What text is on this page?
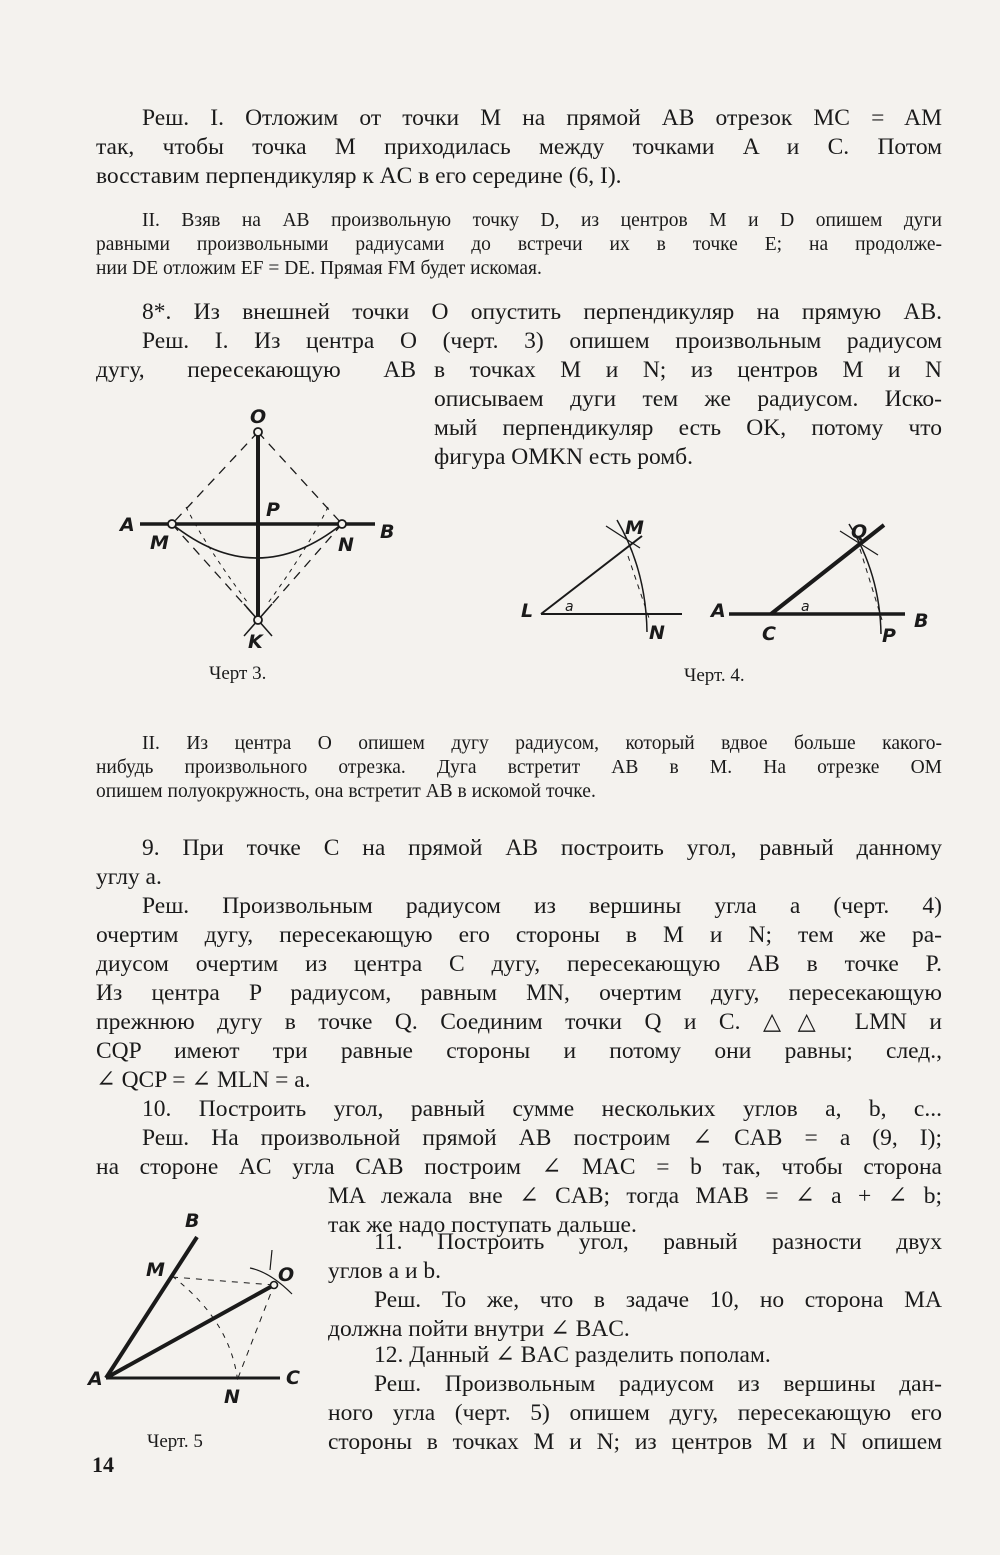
Реш. I. Отложим от точки M на прямой AB отрезок MC = AM
так, чтобы точка M приходилась между точками A и C. Потом
восставим перпендикуляр к AC в его середине (6, I).
II. Взяв на AB произвольную точку D, из центров M и D опишем дуги
равными произвольными радиусами до встречи их в точке E; на продолже-
нии DE отложим EF = DE. Прямая FM будет искомая.
8*. Из внешней точки O опустить перпендикуляр на прямую AB.
Реш. I. Из центра O (черт. 3) опишем произвольным радиусом
дугу, пересекающую AB в точках M и N; из центров M и N
описываем дуги тем же радиусом. Иско-
мый перпендикуляр есть OK, потому что
фигура OMKN есть ромб.
O
A	B
M	N
P
K
Черт 3.
L a
M
N
Q
A	B
C
a
P
Черт. 4.
II. Из центра O опишем дугу радиусом, который вдвое больше какого-
нибудь произвольного отрезка. Дуга встретит AB в M. На отрезке OM
опишем полуокружность, она встретит AB в искомой точке.
9. При точке C на прямой AB построить угол, равный данному
углу a.
Реш. Произвольным радиусом из вершины угла a (черт. 4)
очертим дугу, пересекающую его стороны в M и N; тем же ра-
диусом очертим из центра C дугу, пересекающую AB в точке P.
Из центра P радиусом, равным MN, очертим дугу, пересекающую
прежнюю дугу в точке Q. Соединим точки Q и C. △△ LMN и
CQP имеют три равные стороны и потому они равны; след.,
∠ QCP = ∠ MLN = a.
10. Построить угол, равный сумме нескольких углов a, b, c...
Реш. На произвольной прямой AB построим ∠ CAB = a (9, I);
на стороне AC угла CAB построим ∠ MAC = b так, чтобы сторона
MA лежала вне ∠ CAB; тогда MAB = ∠ a + ∠ b;
так же надо поступать дальше.
11. Построить угол, равный разности двух
углов a и b.
Реш. То же, что в задаче 10, но сторона MA
должна пойти внутри ∠ BAC.
12. Данный ∠ BAC разделить пополам.
Реш. Произвольным радиусом из вершины дан-
ного угла (черт. 5) опишем дугу, пересекающую его
стороны в точках M и N; из центров M и N опишем
B
M	O
A
N
C
Черт. 5
14
